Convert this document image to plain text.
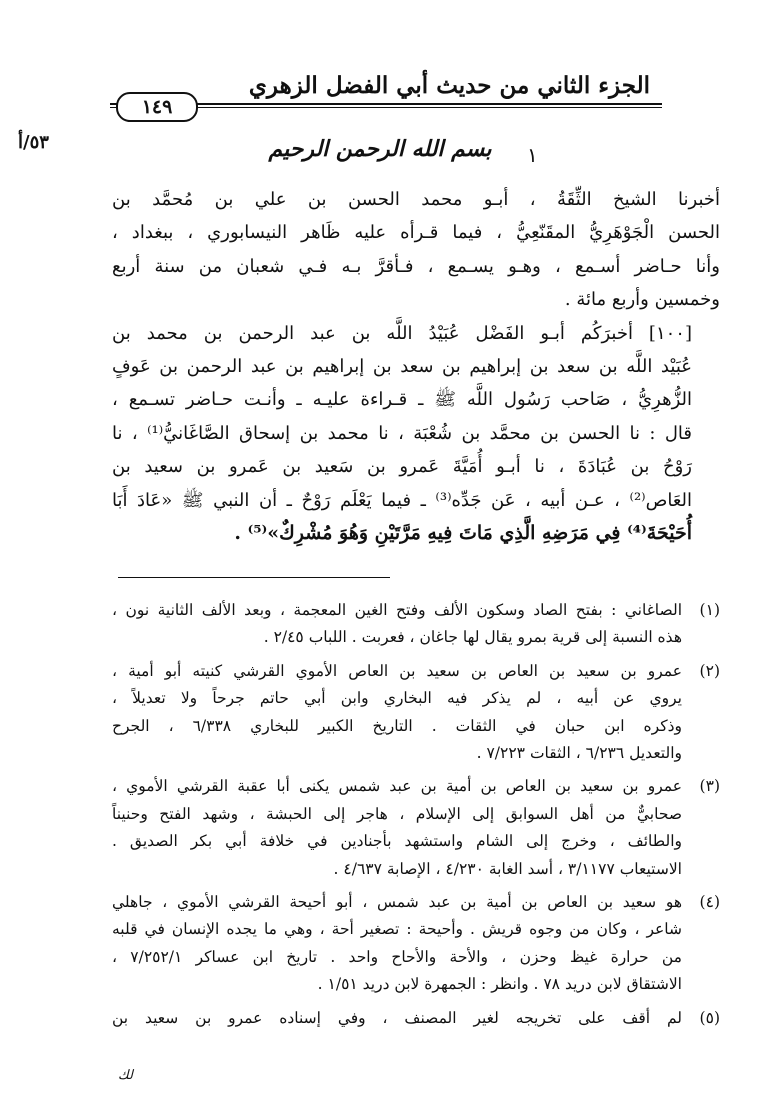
الجزء الثاني من حديث أبي الفضل الزهري
١٤٩
٥٣/أ
١
بسم الله الرحمن الرحيم

أخبرنا الشيخ الثِّقَةُ ، أبـو محمد الحسن بن علي بن مُحمَّد بن
الحسن الْجَوْهَرِيُّ المقَنّعِيُّ ، فيما قـرأه عليه ظَاهر النيسابوري ، ببغداد ،
وأنا حـاضر أسـمع ، وهـو يسـمع ، فـأقرَّ بـه فـي شعبان من سنة أربع
وخمسين وأربع مائة .

[١٠٠] أخبرَكُم أبـو الفَضْل عُبَيْدُ اللَّه بن عبد الرحمن بن محمد بن
عُبَيْد اللَّه بن سعد بن إبراهيم بن سعد بن إبراهيم بن عبد الرحمن بن عَوفٍ
الزُّهرِيُّ ، صَاحب رَسُول اللَّه ﷺ ـ قـراءة عليـه ـ وأنـت حـاضر تسـمع ،
قال : نا الحسن بن محمَّد بن شُعْبَة ، نا محمد بن إسحاق الصَّاغَانيُّ⁽¹⁾ ، نا
رَوْحُ بن عُبَادَةَ ، نا أبـو أُمَيَّةَ عَمرو بن سَعيد بن عَمرو بن سعيد بن
العَاص⁽²⁾ ، عـن أبيه ، عَن جَدِّه⁽³⁾ ـ فيما يَعْلَم رَوْحٌ ـ أن النبي ﷺ «عَادَ أَبَا
أُحَيْحَةَ⁽⁴⁾ فِي مَرَضِهِ الَّذِي مَاتَ فِيهِ مَرَّتَيْنِ وَهُوَ مُشْرِكٌ»⁽⁵⁾ .

(١)
الصاغاني : بفتح الصاد وسكون الألف وفتح الغين المعجمة ، وبعد الألف الثانية نون ،
هذه النسبة إلى قرية بمرو يقال لها جاغان ، فعربت . اللباب ٢/٤٥ .
(٢)
عمرو بن سعيد بن العاص بن سعيد بن العاص الأموي القرشي كنيته أبو أمية ،
يروي عن أبيه ، لم يذكر فيه البخاري وابن أبي حاتم جرحاً ولا تعديلاً ،
وذكره ابن حبان في الثقات . التاريخ الكبير للبخاري ٦/٣٣٨ ، الجرح
والتعديل ٦/٢٣٦ ، الثقات ٧/٢٢٣ .
(٣)
عمرو بن سعيد بن العاص بن أمية بن عبد شمس يكنى أبا عقبة القرشي الأموي ،
صحابيٌّ من أهل السوابق إلى الإسلام ، هاجر إلى الحبشة ، وشهد الفتح وحنيناً
والطائف ، وخرج إلى الشام واستشهد بأجنادين في خلافة أبي بكر الصديق .
الاستيعاب ٣/١١٧٧ ، أسد الغابة ٤/٢٣٠ ، الإصابة ٤/٦٣٧ .
(٤)
هو سعيد بن العاص بن أمية بن عبد شمس ، أبو أحيحة القرشي الأموي ، جاهلي
شاعر ، وكان من وجوه قريش . وأحيحة : تصغير أحة ، وهي ما يجده الإنسان في قلبه
من حرارة غيظ وحزن ، والأحة والأحاح واحد . تاريخ ابن عساكر ٧/٢٥٢/١ ،
الاشتقاق لابن دريد ٧٨ . وانظر : الجمهرة لابن دريد ١/٥١ .
(٥)
لم أقف على تخريجه لغير المصنف ، وفي إسناده عمرو بن سعيد بن
لك
